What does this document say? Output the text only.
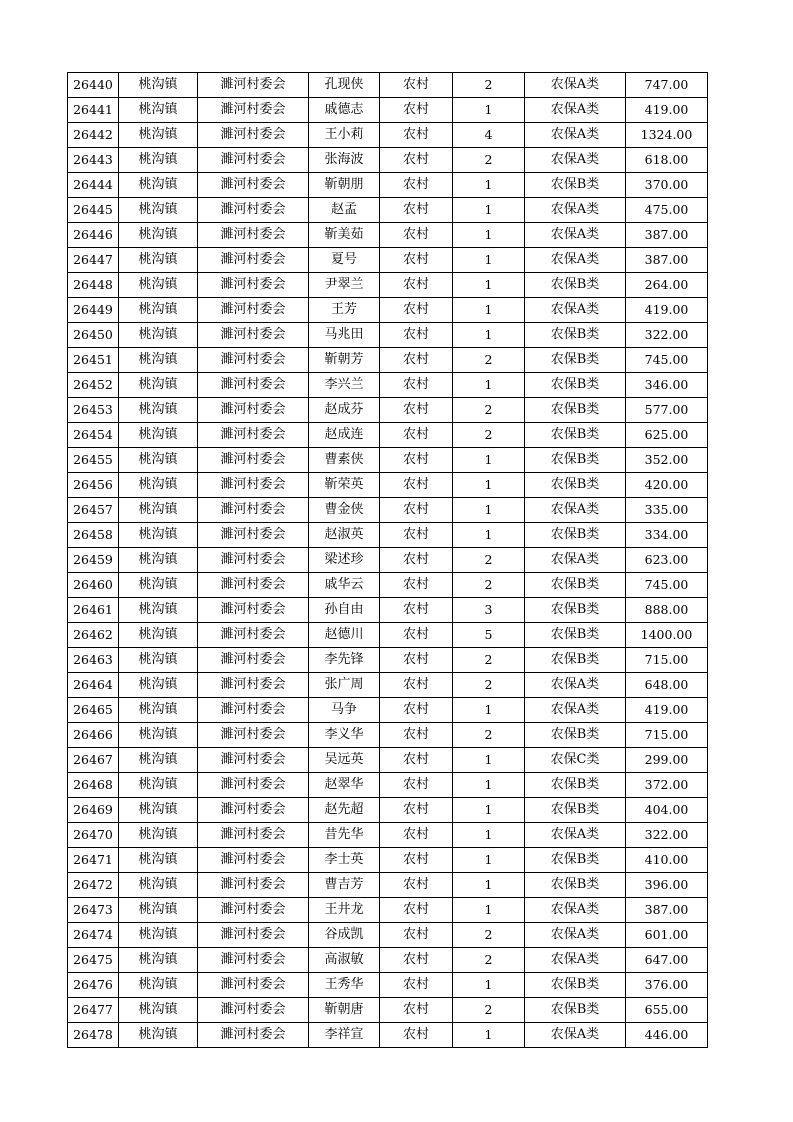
26440	桃沟镇	濉河村委会	孔现侠	农村	2	农保A类	747.00
26441	桃沟镇	濉河村委会	戚德志	农村	1	农保A类	419.00
26442	桃沟镇	濉河村委会	王小莉	农村	4	农保A类	1324.00
26443	桃沟镇	濉河村委会	张海波	农村	2	农保A类	618.00
26444	桃沟镇	濉河村委会	靳朝朋	农村	1	农保B类	370.00
26445	桃沟镇	濉河村委会	赵孟	农村	1	农保A类	475.00
26446	桃沟镇	濉河村委会	靳美茹	农村	1	农保A类	387.00
26447	桃沟镇	濉河村委会	夏号	农村	1	农保A类	387.00
26448	桃沟镇	濉河村委会	尹翠兰	农村	1	农保B类	264.00
26449	桃沟镇	濉河村委会	王芳	农村	1	农保A类	419.00
26450	桃沟镇	濉河村委会	马兆田	农村	1	农保B类	322.00
26451	桃沟镇	濉河村委会	靳朝芳	农村	2	农保B类	745.00
26452	桃沟镇	濉河村委会	李兴兰	农村	1	农保B类	346.00
26453	桃沟镇	濉河村委会	赵成芬	农村	2	农保B类	577.00
26454	桃沟镇	濉河村委会	赵成连	农村	2	农保B类	625.00
26455	桃沟镇	濉河村委会	曹素侠	农村	1	农保B类	352.00
26456	桃沟镇	濉河村委会	靳荣英	农村	1	农保B类	420.00
26457	桃沟镇	濉河村委会	曹金侠	农村	1	农保A类	335.00
26458	桃沟镇	濉河村委会	赵淑英	农村	1	农保B类	334.00
26459	桃沟镇	濉河村委会	梁述珍	农村	2	农保A类	623.00
26460	桃沟镇	濉河村委会	戚华云	农村	2	农保B类	745.00
26461	桃沟镇	濉河村委会	孙自由	农村	3	农保B类	888.00
26462	桃沟镇	濉河村委会	赵德川	农村	5	农保B类	1400.00
26463	桃沟镇	濉河村委会	李先锋	农村	2	农保B类	715.00
26464	桃沟镇	濉河村委会	张广周	农村	2	农保A类	648.00
26465	桃沟镇	濉河村委会	马争	农村	1	农保A类	419.00
26466	桃沟镇	濉河村委会	李义华	农村	2	农保B类	715.00
26467	桃沟镇	濉河村委会	吴远英	农村	1	农保C类	299.00
26468	桃沟镇	濉河村委会	赵翠华	农村	1	农保B类	372.00
26469	桃沟镇	濉河村委会	赵先超	农村	1	农保B类	404.00
26470	桃沟镇	濉河村委会	昔先华	农村	1	农保A类	322.00
26471	桃沟镇	濉河村委会	李士英	农村	1	农保B类	410.00
26472	桃沟镇	濉河村委会	曹吉芳	农村	1	农保B类	396.00
26473	桃沟镇	濉河村委会	王井龙	农村	1	农保A类	387.00
26474	桃沟镇	濉河村委会	谷成凯	农村	2	农保A类	601.00
26475	桃沟镇	濉河村委会	高淑敏	农村	2	农保A类	647.00
26476	桃沟镇	濉河村委会	王秀华	农村	1	农保B类	376.00
26477	桃沟镇	濉河村委会	靳朝唐	农村	2	农保B类	655.00
26478	桃沟镇	濉河村委会	李祥宣	农村	1	农保A类	446.00
